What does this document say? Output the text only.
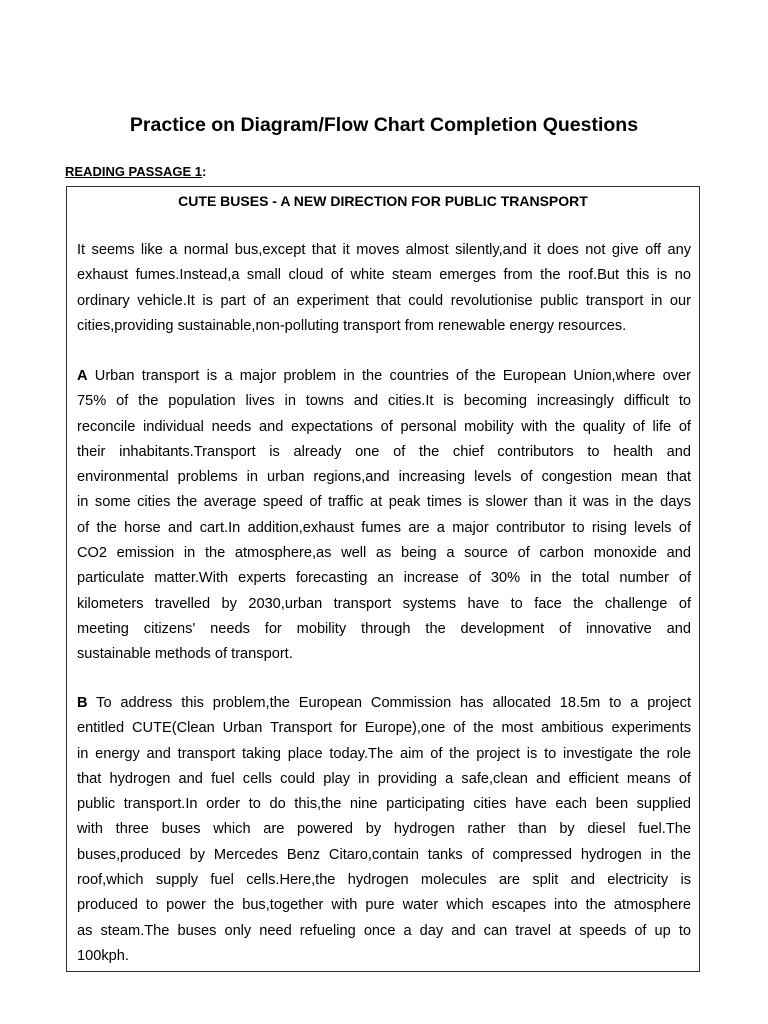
Practice on Diagram/Flow Chart Completion Questions
READING PASSAGE 1:
CUTE BUSES - A NEW DIRECTION FOR PUBLIC TRANSPORT
It seems like a normal bus,except that it moves almost silently,and it does not give off any
exhaust fumes.Instead,a small cloud of white steam emerges from the roof.But this is no
ordinary vehicle.It is part of an experiment that could revolutionise public transport in our
cities,providing sustainable,non-polluting transport from renewable energy resources.
A Urban transport is a major problem in the countries of the European Union,where over
75% of the population lives in towns and cities.It is becoming increasingly difficult to
reconcile individual needs and expectations of personal mobility with the quality of life of
their inhabitants.Transport is already one of the chief contributors to health and
environmental problems in urban regions,and increasing levels of congestion mean that
in some cities the average speed of traffic at peak times is slower than it was in the days
of the horse and cart.In addition,exhaust fumes are a major contributor to rising levels of
CO2 emission in the atmosphere,as well as being a source of carbon monoxide and
particulate matter.With experts forecasting an increase of 30% in the total number of
kilometers travelled by 2030,urban transport systems have to face the challenge of
meeting citizens' needs for mobility through the development of innovative and
sustainable methods of transport.
B To address this problem,the European Commission has allocated 18.5m to a project
entitled CUTE(Clean Urban Transport for Europe),one of the most ambitious experiments
in energy and transport taking place today.The aim of the project is to investigate the role
that hydrogen and fuel cells could play in providing a safe,clean and efficient means of
public transport.In order to do this,the nine participating cities have each been supplied
with three buses which are powered by hydrogen rather than by diesel fuel.The
buses,produced by Mercedes Benz Citaro,contain tanks of compressed hydrogen in the
roof,which supply fuel cells.Here,the hydrogen molecules are split and electricity is
produced to power the bus,together with pure water which escapes into the atmosphere
as steam.The buses only need refueling once a day and can travel at speeds of up to
100kph.
